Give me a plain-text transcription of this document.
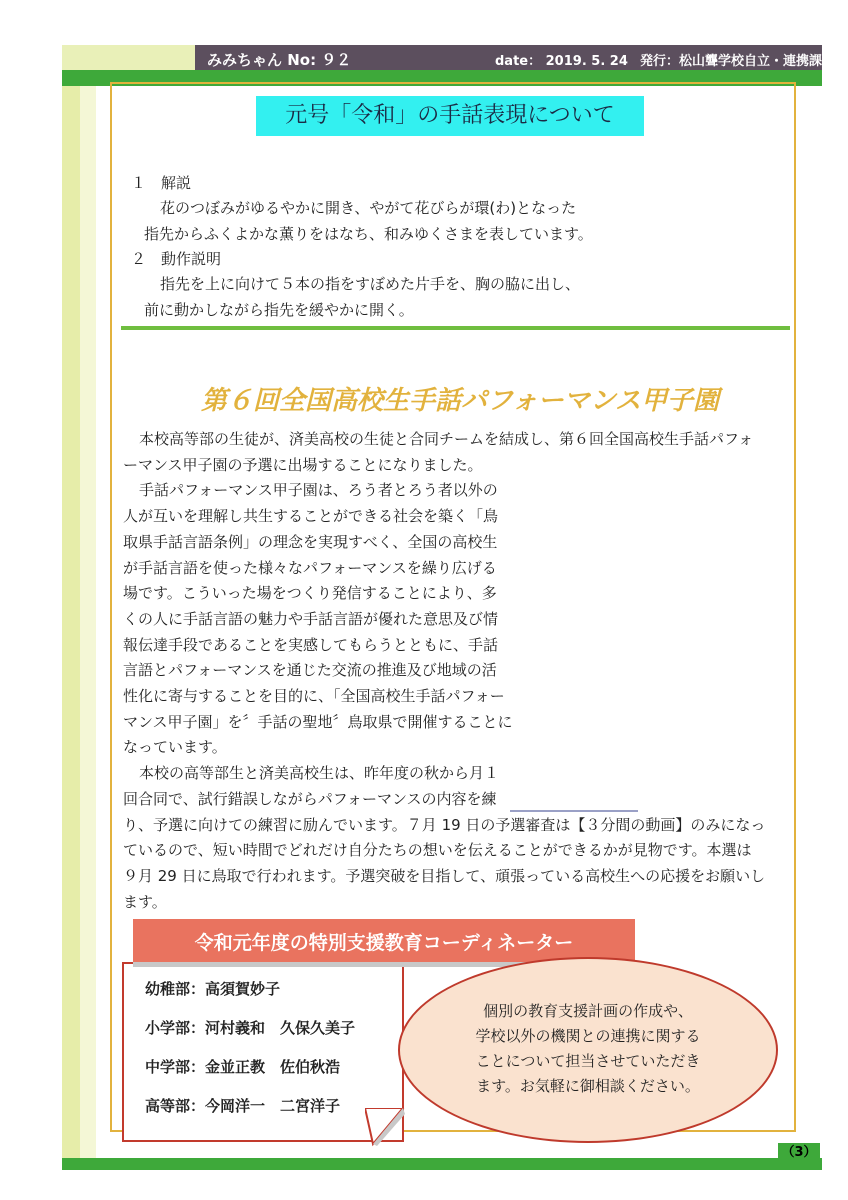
みみちゃん No: ９２	date： 2019. 5. 24 発行：松山聾学校自立・連携課
元号「令和」の手話表現について
１　解説
花のつぼみがゆるやかに開き、やがて花びらが環(わ)となった
指先からふくよかな薫りをはなち、和みゆくさまを表しています。
２　動作説明
指先を上に向けて５本の指をすぼめた片手を、胸の脇に出し、
前に動かしながら指先を緩やかに開く。
第６回全国高校生手話パフォーマンス甲子園
本校高等部の生徒が、済美高校の生徒と合同チームを結成し、第６回全国高校生手話パフォ
ーマンス甲子園の予選に出場することになりました。
手話パフォーマンス甲子園は、ろう者とろう者以外の
人が互いを理解し共生することができる社会を築く「鳥
取県手話言語条例」の理念を実現すべく、全国の高校生
が手話言語を使った様々なパフォーマンスを繰り広げる
場です。こういった場をつくり発信することにより、多
くの人に手話言語の魅力や手話言語が優れた意思及び情
報伝達手段であることを実感してもらうとともに、手話
言語とパフォーマンスを通じた交流の推進及び地域の活
性化に寄与することを目的に、「全国高校生手話パフォー
マンス甲子園」を〞手話の聖地〞鳥取県で開催することに
なっています。
本校の高等部生と済美高校生は、昨年度の秋から月１
回合同で、試行錯誤しながらパフォーマンスの内容を練
り、予選に向けての練習に励んでいます。７月 19 日の予選審査は【３分間の動画】のみになっ
ているので、短い時間でどれだけ自分たちの想いを伝えることができるかが見物です。本選は
９月 29 日に鳥取で行われます。予選突破を目指して、頑張っている高校生への応援をお願いし
ます。
令和元年度の特別支援教育コーディネーター
幼稚部：高須賀妙子
小学部：河村義和　久保久美子
中学部：金並正教　佐伯秋浩
高等部：今岡洋一　二宮洋子
個別の教育支援計画の作成や、
学校以外の機関との連携に関する
ことについて担当させていただき
ます。お気軽に御相談ください。
（3）
